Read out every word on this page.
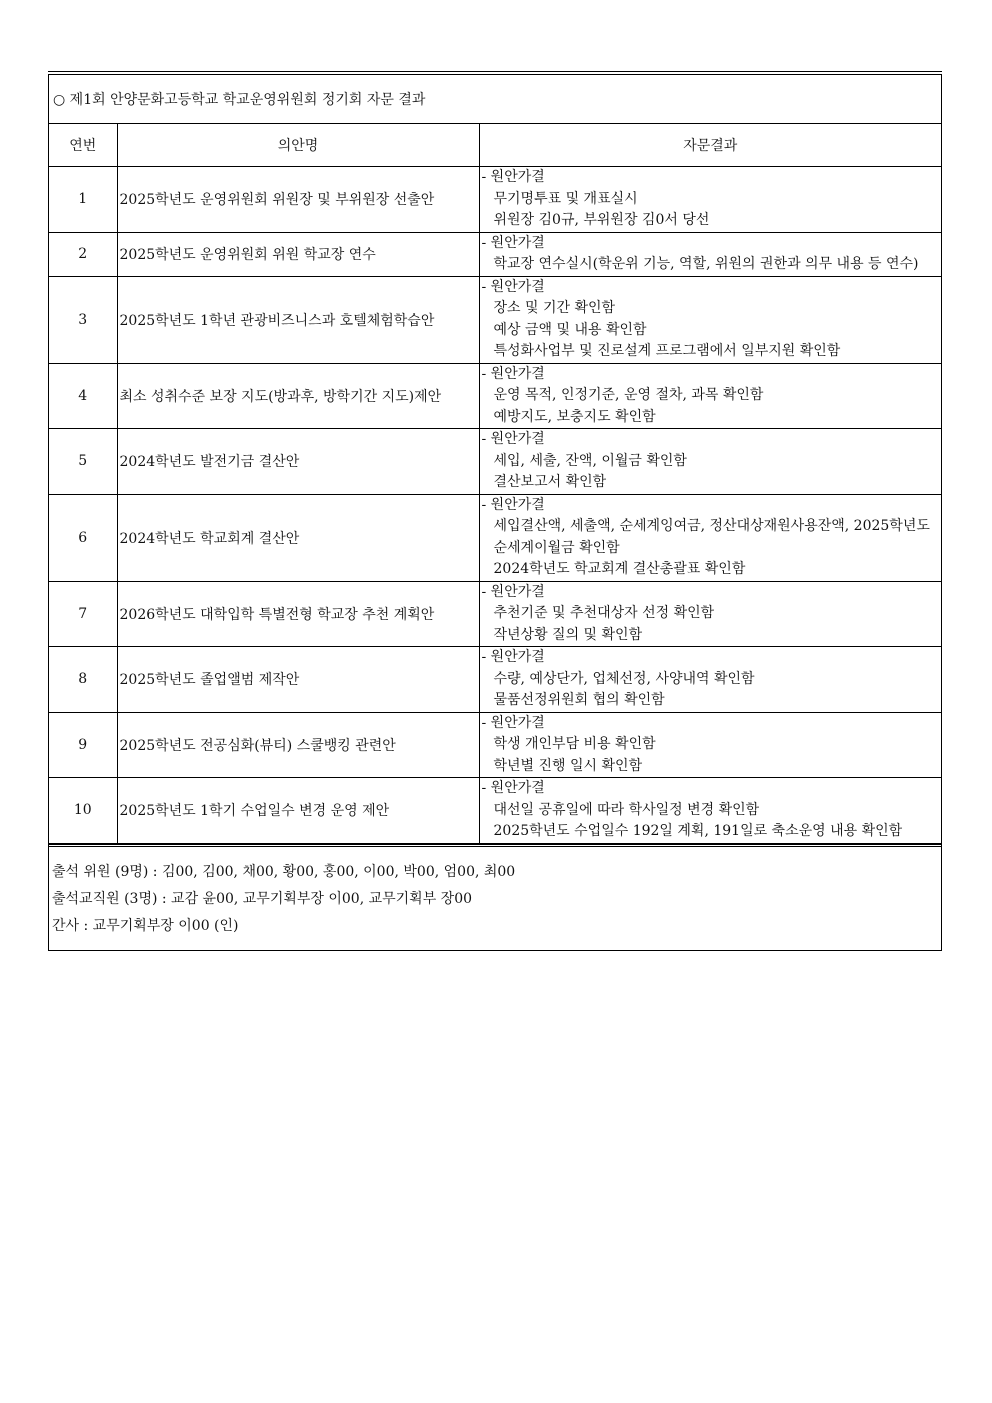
○ 제1회 안양문화고등학교 학교운영위원회 정기회 자문 결과
연번	의안명	자문결과
1	2025학년도 운영위원회 위원장 및 부위원장 선출안	- 원안가결
무기명투표 및 개표실시
위원장 김0규, 부위원장 김0서 당선

2	2025학년도 운영위원회 위원 학교장 연수	- 원안가결
학교장 연수실시(학운위 기능, 역할, 위원의 권한과 의무 내용 등 연수)

3	2025학년도 1학년 관광비즈니스과 호텔체험학습안	- 원안가결
장소 및 기간 확인함
예상 금액 및 내용 확인함
특성화사업부 및 진로설계 프로그램에서 일부지원 확인함

4	최소 성취수준 보장 지도(방과후, 방학기간 지도)제안	- 원안가결
운영 목적, 인정기준, 운영 절차, 과목 확인함
예방지도, 보충지도 확인함

5	2024학년도 발전기금 결산안	- 원안가결
세입, 세출, 잔액, 이월금 확인함
결산보고서 확인함

6	2024학년도 학교회계 결산안	- 원안가결
세입결산액, 세출액, 순세계잉여금, 정산대상재원사용잔액, 2025학년도 순세계이월금 확인함
2024학년도 학교회계 결산총괄표 확인함

7	2026학년도 대학입학 특별전형 학교장 추천 계획안	- 원안가결
추천기준 및 추천대상자 선정 확인함
작년상황 질의 및 확인함

8	2025학년도 졸업앨범 제작안	- 원안가결
수량, 예상단가, 업체선정, 사양내역 확인함
물품선정위원회 협의 확인함

9	2025학년도 전공심화(뷰티) 스쿨뱅킹 관련안	- 원안가결
학생 개인부담 비용 확인함
학년별 진행 일시 확인함

10	2025학년도 1학기 수업일수 변경 운영 제안	- 원안가결
대선일 공휴일에 따라 학사일정 변경 확인함
2025학년도 수업일수 192일 계획, 191일로 축소운영 내용 확인함
출석 위원 (9명) : 김00, 김00, 채00, 황00, 홍00, 이00, 박00, 엄00, 최00
출석교직원 (3명) : 교감 윤00, 교무기획부장 이00, 교무기획부 장00
간사 : 교무기획부장 이00 (인)
